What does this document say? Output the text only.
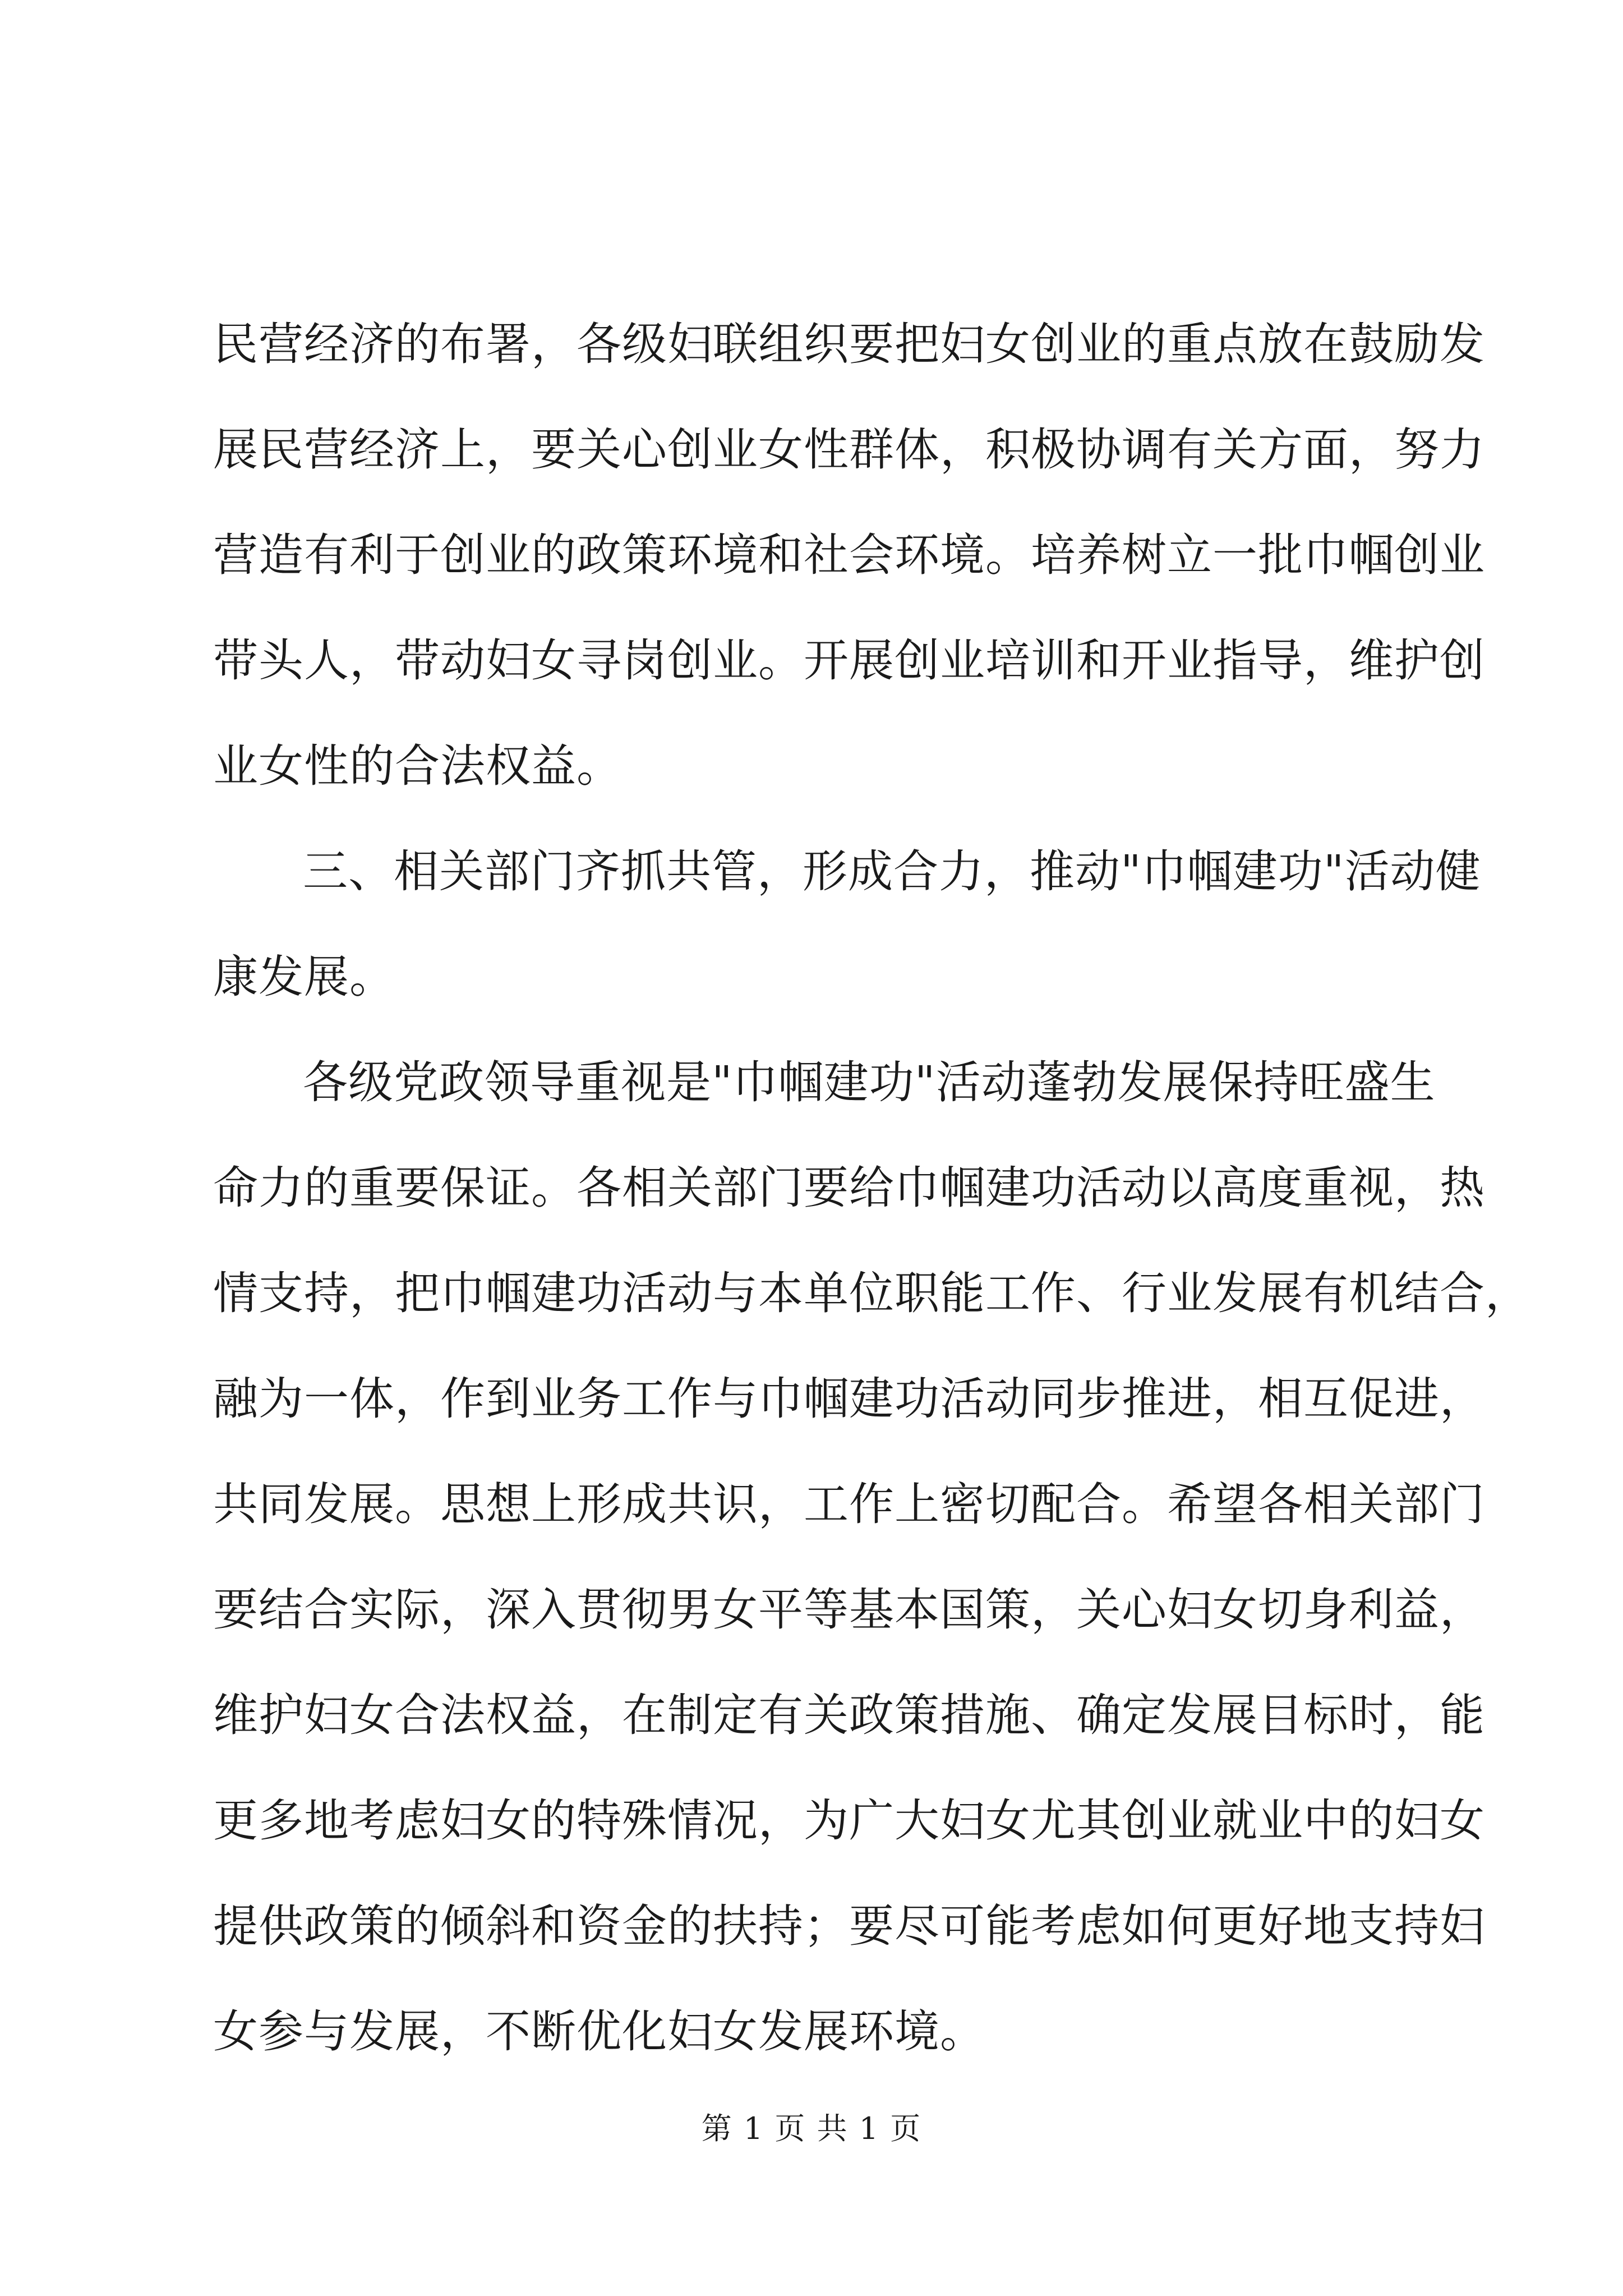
民营经济的布署，各级妇联组织要把妇女创业的重点放在鼓励发
展民营经济上，要关心创业女性群体，积极协调有关方面，努力
营造有利于创业的政策环境和社会环境。培养树立一批巾帼创业
带头人，带动妇女寻岗创业。开展创业培训和开业指导，维护创
业女性的合法权益。
三、相关部门齐抓共管，形成合力，推动"巾帼建功"活动健
康发展。
各级党政领导重视是"巾帼建功"活动蓬勃发展保持旺盛生
命力的重要保证。各相关部门要给巾帼建功活动以高度重视，热
情支持，把巾帼建功活动与本单位职能工作、行业发展有机结合，
融为一体，作到业务工作与巾帼建功活动同步推进，相互促进，
共同发展。思想上形成共识，工作上密切配合。希望各相关部门
要结合实际，深入贯彻男女平等基本国策，关心妇女切身利益，
维护妇女合法权益，在制定有关政策措施、确定发展目标时，能
更多地考虑妇女的特殊情况，为广大妇女尤其创业就业中的妇女
提供政策的倾斜和资金的扶持；要尽可能考虑如何更好地支持妇
女参与发展，不断优化妇女发展环境。
第 1 页 共 1 页
